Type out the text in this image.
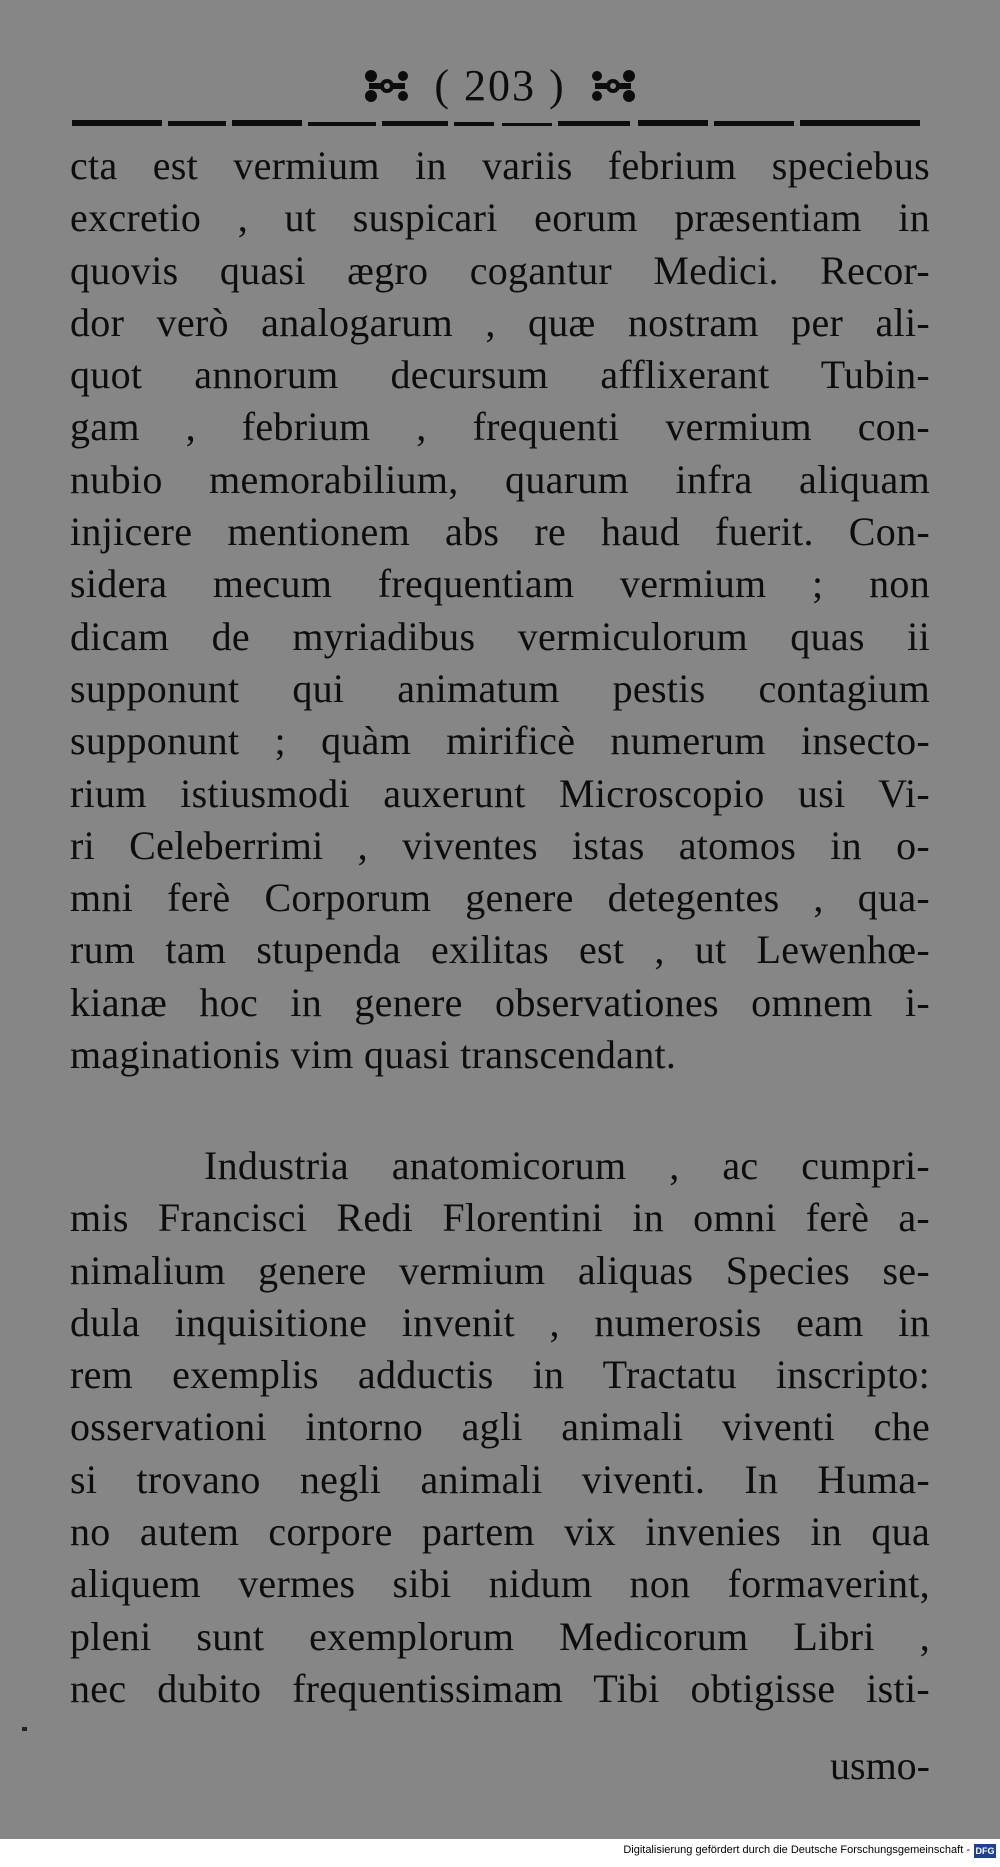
( 203 )
cta est vermium in variis febrium speciebus
excretio , ut suspicari eorum præsentiam in
quovis quasi ægro cogantur Medici. Recor-
dor verò analogarum , quæ nostram per ali-
quot annorum decursum afflixerant Tubin-
gam , febrium , frequenti vermium con-
nubio memorabilium, quarum infra aliquam
injicere mentionem abs re haud fuerit. Con-
sidera mecum frequentiam vermium ; non
dicam de myriadibus vermiculorum quas ii
supponunt qui animatum pestis contagium
supponunt ; quàm mirificè numerum insecto-
rium istiusmodi auxerunt Microscopio usi Vi-
ri Celeberrimi , viventes istas atomos in o-
mni ferè Corporum genere detegentes , qua-
rum tam stupenda exilitas est , ut Lewenhœ-
kianæ hoc in genere observationes omnem i-
maginationis vim quasi transcendant.
Industria anatomicorum , ac cumpri-
mis Francisci Redi Florentini in omni ferè a-
nimalium genere vermium aliquas Species se-
dula inquisitione invenit , numerosis eam in
rem exemplis adductis in Tractatu inscripto:
osservationi intorno agli animali viventi che
si trovano negli animali viventi. In Huma-
no autem corpore partem vix invenies in qua
aliquem vermes sibi nidum non formaverint,
pleni sunt exemplorum Medicorum Libri ,
nec dubito frequentissimam Tibi obtigisse isti-
usmo-
Digitalisierung gefördert durch die Deutsche Forschungsgemeinschaft - DFG
